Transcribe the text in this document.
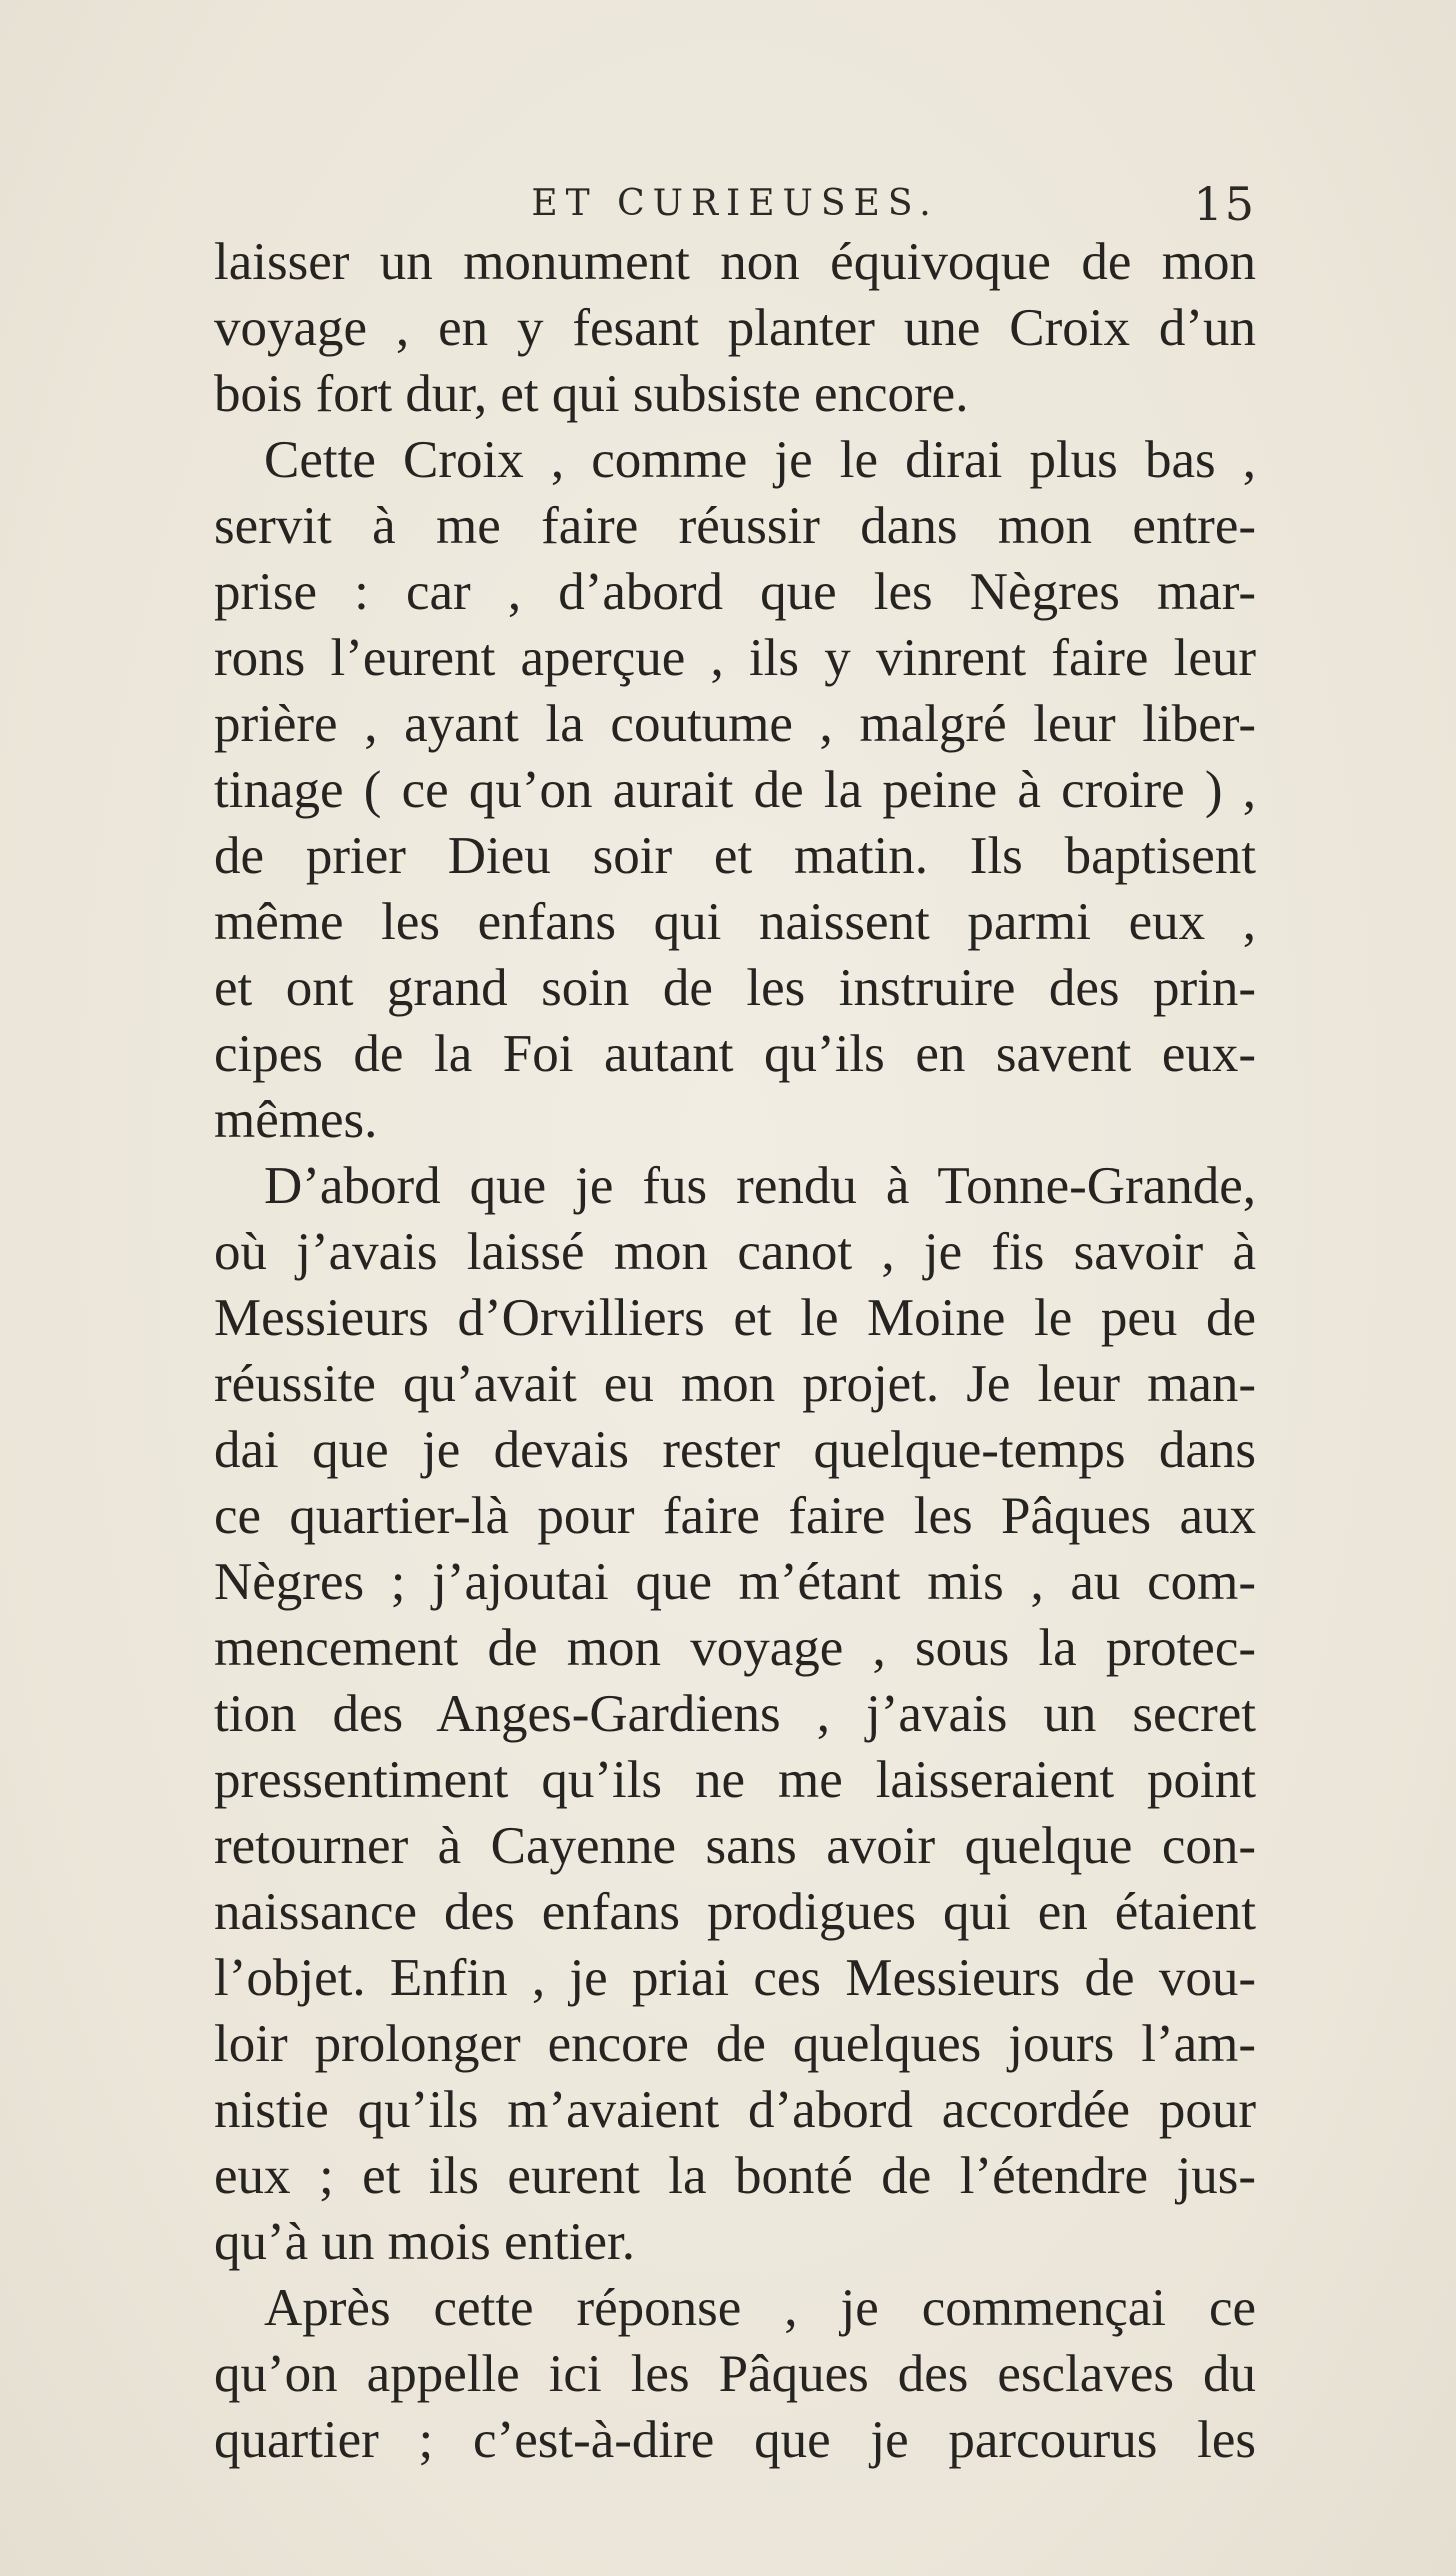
ET CURIEUSES.	15
laisser un monument non équivoque de mon
voyage , en y fesant planter une Croix d’un
bois fort dur, et qui subsiste encore.
Cette Croix , comme je le dirai plus bas ,
servit à me faire réussir dans mon entre-
prise : car , d’abord que les Nègres mar-
rons l’eurent aperçue , ils y vinrent faire leur
prière , ayant la coutume , malgré leur liber-
tinage ( ce qu’on aurait de la peine à croire ) ,
de prier Dieu soir et matin. Ils baptisent
même les enfans qui naissent parmi eux ,
et ont grand soin de les instruire des prin-
cipes de la Foi autant qu’ils en savent eux-
mêmes.
D’abord que je fus rendu à Tonne-Grande,
où j’avais laissé mon canot , je fis savoir à
Messieurs d’Orvilliers et le Moine le peu de
réussite qu’avait eu mon projet. Je leur man-
dai que je devais rester quelque-temps dans
ce quartier-là pour faire faire les Pâques aux
Nègres ; j’ajoutai que m’étant mis , au com-
mencement de mon voyage , sous la protec-
tion des Anges-Gardiens , j’avais un secret
pressentiment qu’ils ne me laisseraient point
retourner à Cayenne sans avoir quelque con-
naissance des enfans prodigues qui en étaient
l’objet. Enfin , je priai ces Messieurs de vou-
loir prolonger encore de quelques jours l’am-
nistie qu’ils m’avaient d’abord accordée pour
eux ; et ils eurent la bonté de l’étendre jus-
qu’à un mois entier.
Après cette réponse , je commençai ce
qu’on appelle ici les Pâques des esclaves du
quartier ; c’est-à-dire que je parcourus les
